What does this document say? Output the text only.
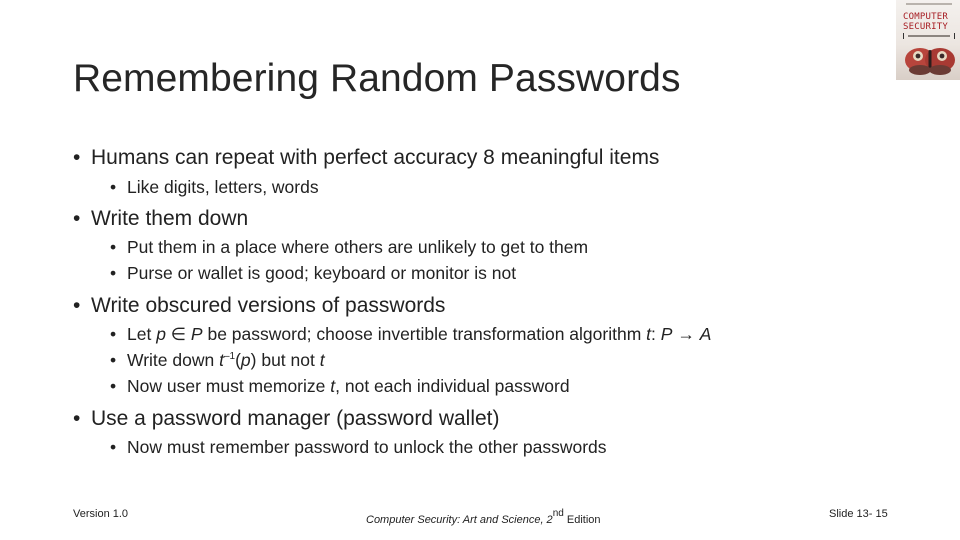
COMPUTER
SECURITY
Remembering Random Passwords
• Humans can repeat with perfect accuracy 8 meaningful items
• Like digits, letters, words
• Write them down
• Put them in a place where others are unlikely to get to them
• Purse or wallet is good; keyboard or monitor is not
• Write obscured versions of passwords
• Let p ∈ P be password; choose invertible transformation algorithm t: P → A
• Write down $t^{-1}(p)$ but not t
• Now user must memorize t, not each individual password
• Use a password manager (password wallet)
• Now must remember password to unlock the other passwords
Version 1.0	Computer Security: Art and Science, 2nd Edition	Slide 13- 15
